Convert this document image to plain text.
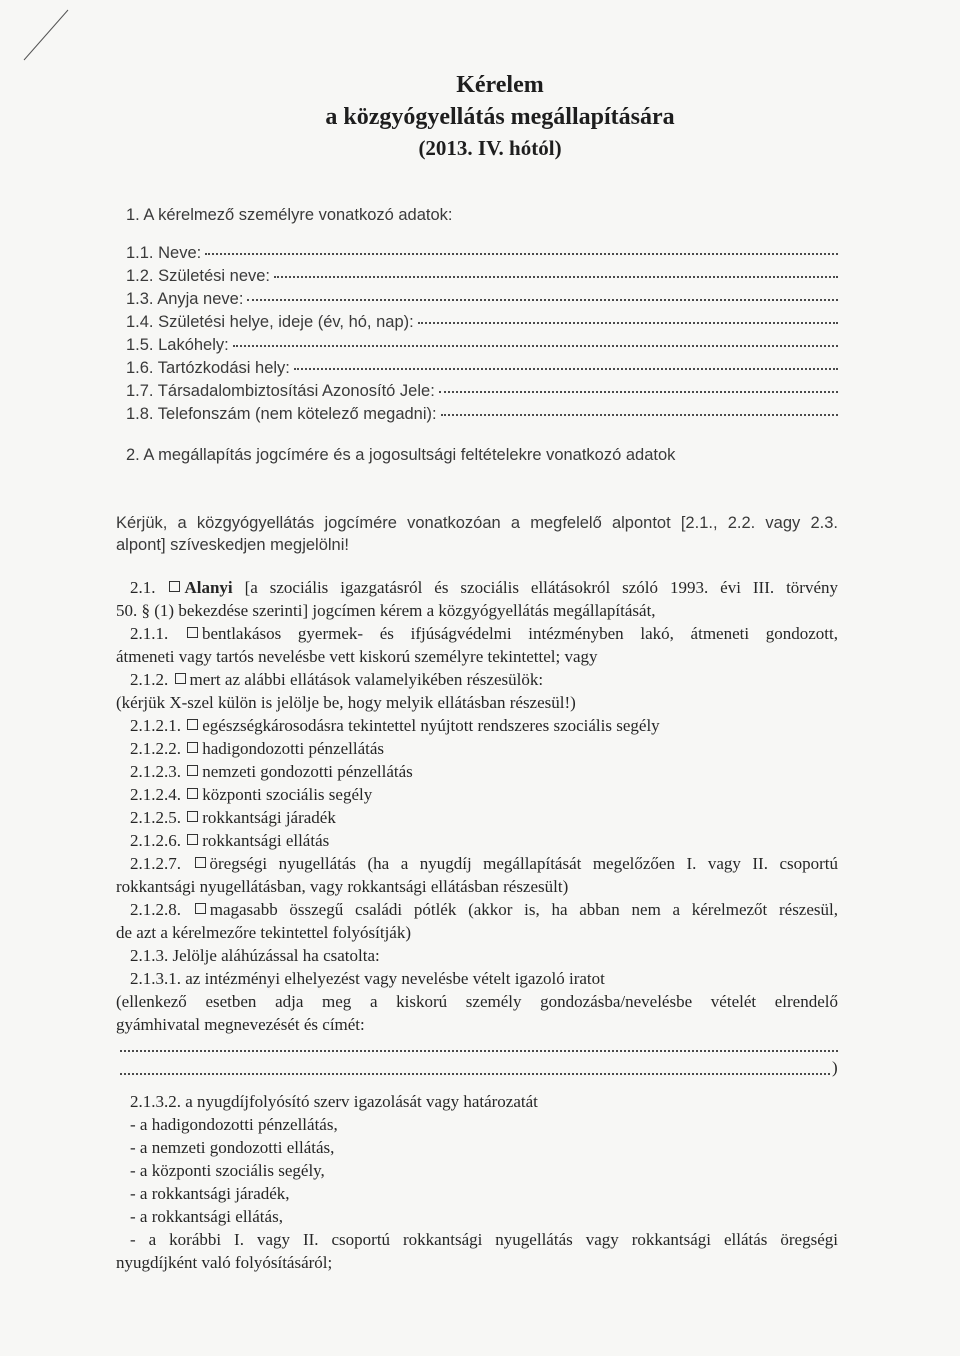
Kérelem
a közgyógyellátás megállapítására
(2013. IV. hótól)
1. A kérelmező személyre vonatkozó adatok:
1.1. Neve:
1.2. Születési neve:
1.3. Anyja neve:
1.4. Születési helye, ideje (év, hó, nap):
1.5. Lakóhely:
1.6. Tartózkodási hely:
1.7. Társadalombiztosítási Azonosító Jele:
1.8. Telefonszám (nem kötelező megadni):
2. A megállapítás jogcímére és a jogosultsági feltételekre vonatkozó adatok
Kérjük, a közgyógyellátás jogcímére vonatkozóan a megfelelő alpontot [2.1., 2.2. vagy 2.3.
alpont] szíveskedjen megjelölni!
2.1. Alanyi [a szociális igazgatásról és szociális ellátásokról szóló 1993. évi III. törvény
50. § (1) bekezdése szerinti] jogcímen kérem a közgyógyellátás megállapítását,
2.1.1. bentlakásos gyermek- és ifjúságvédelmi intézményben lakó, átmeneti gondozott,
átmeneti vagy tartós nevelésbe vett kiskorú személyre tekintettel; vagy
2.1.2. mert az alábbi ellátások valamelyikében részesülök:
(kérjük X-szel külön is jelölje be, hogy melyik ellátásban részesül!)
2.1.2.1. egészségkárosodásra tekintettel nyújtott rendszeres szociális segély
2.1.2.2. hadigondozotti pénzellátás
2.1.2.3. nemzeti gondozotti pénzellátás
2.1.2.4. központi szociális segély
2.1.2.5. rokkantsági járadék
2.1.2.6. rokkantsági ellátás
2.1.2.7. öregségi nyugellátás (ha a nyugdíj megállapítását megelőzően I. vagy II. csoportú
rokkantsági nyugellátásban, vagy rokkantsági ellátásban részesült)
2.1.2.8. magasabb összegű családi pótlék (akkor is, ha abban nem a kérelmezőt részesül,
de azt a kérelmezőre tekintettel folyósítják)
2.1.3. Jelölje aláhúzással ha csatolta:
2.1.3.1. az intézményi elhelyezést vagy nevelésbe vételt igazoló iratot
(ellenkező esetben adja meg a kiskorú személy gondozásba/nevelésbe vételét elrendelő
gyámhivatal megnevezését és címét:
)
2.1.3.2. a nyugdíjfolyósító szerv igazolását vagy határozatát
- a hadigondozotti pénzellátás,
- a nemzeti gondozotti ellátás,
- a központi szociális segély,
- a rokkantsági járadék,
- a rokkantsági ellátás,
- a korábbi I. vagy II. csoportú rokkantsági nyugellátás vagy rokkantsági ellátás öregségi
nyugdíjként való folyósításáról;
